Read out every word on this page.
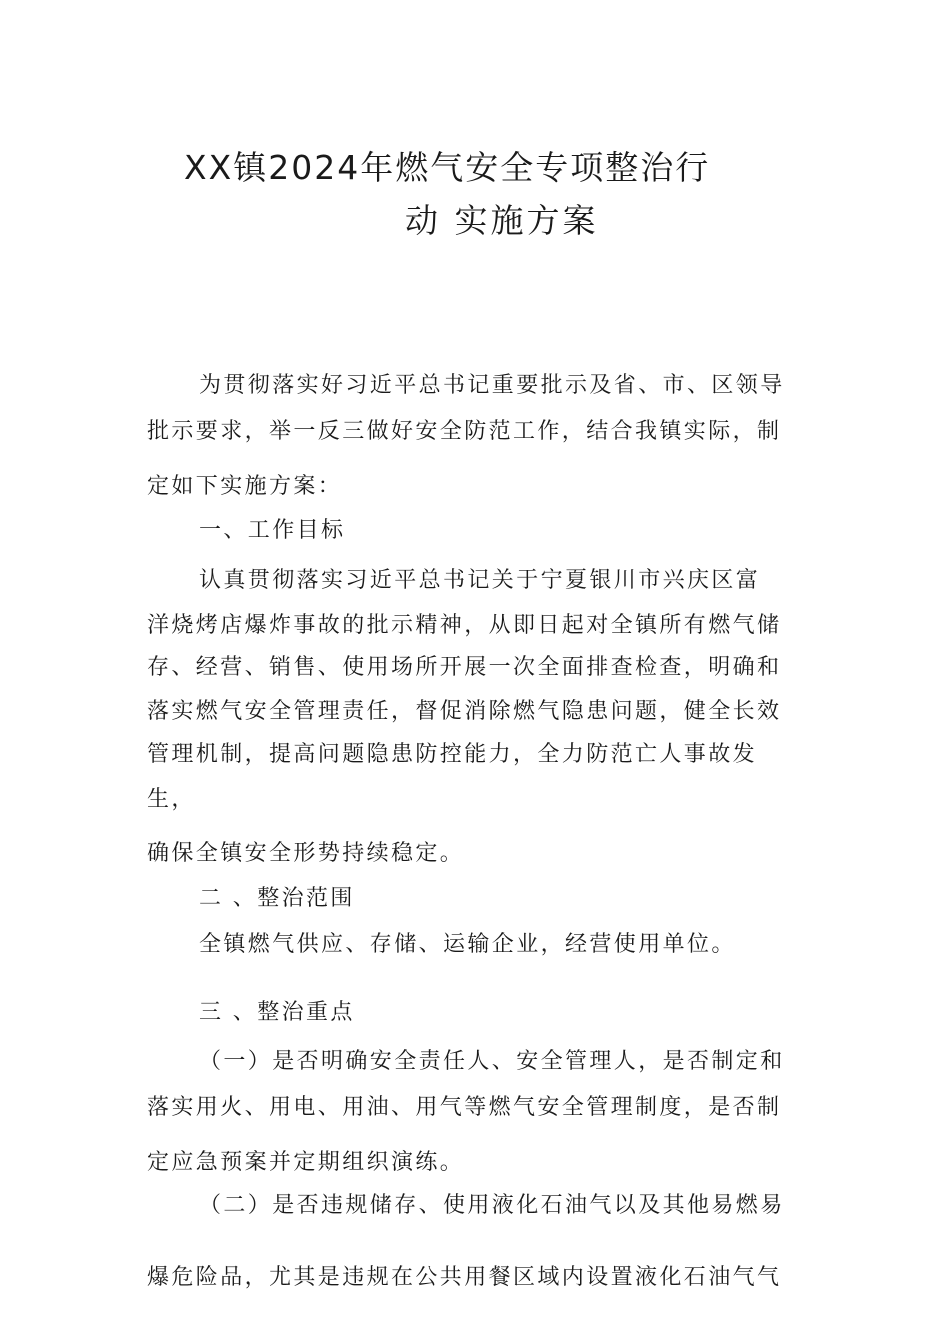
XX镇2024年燃气安全专项整治行
动 实施方案
为贯彻落实好习近平总书记重要批示及省、市、区领导
批示要求，举一反三做好安全防范工作，结合我镇实际，制
定如下实施方案：
一、工作目标
认真贯彻落实习近平总书记关于宁夏银川市兴庆区富
洋烧烤店爆炸事故的批示精神，从即日起对全镇所有燃气储
存、经营、销售、使用场所开展一次全面排查检查，明确和
落实燃气安全管理责任，督促消除燃气隐患问题，健全长效
管理机制，提高问题隐患防控能力，全力防范亡人事故发
生，
确保全镇安全形势持续稳定。
二 、整治范围
全镇燃气供应、存储、运输企业，经营使用单位。
三 、整治重点
（一）是否明确安全责任人、安全管理人，是否制定和
落实用火、用电、用油、用气等燃气安全管理制度，是否制
定应急预案并定期组织演练。
（二）是否违规储存、使用液化石油气以及其他易燃易
爆危险品，尤其是违规在公共用餐区域内设置液化石油气气
